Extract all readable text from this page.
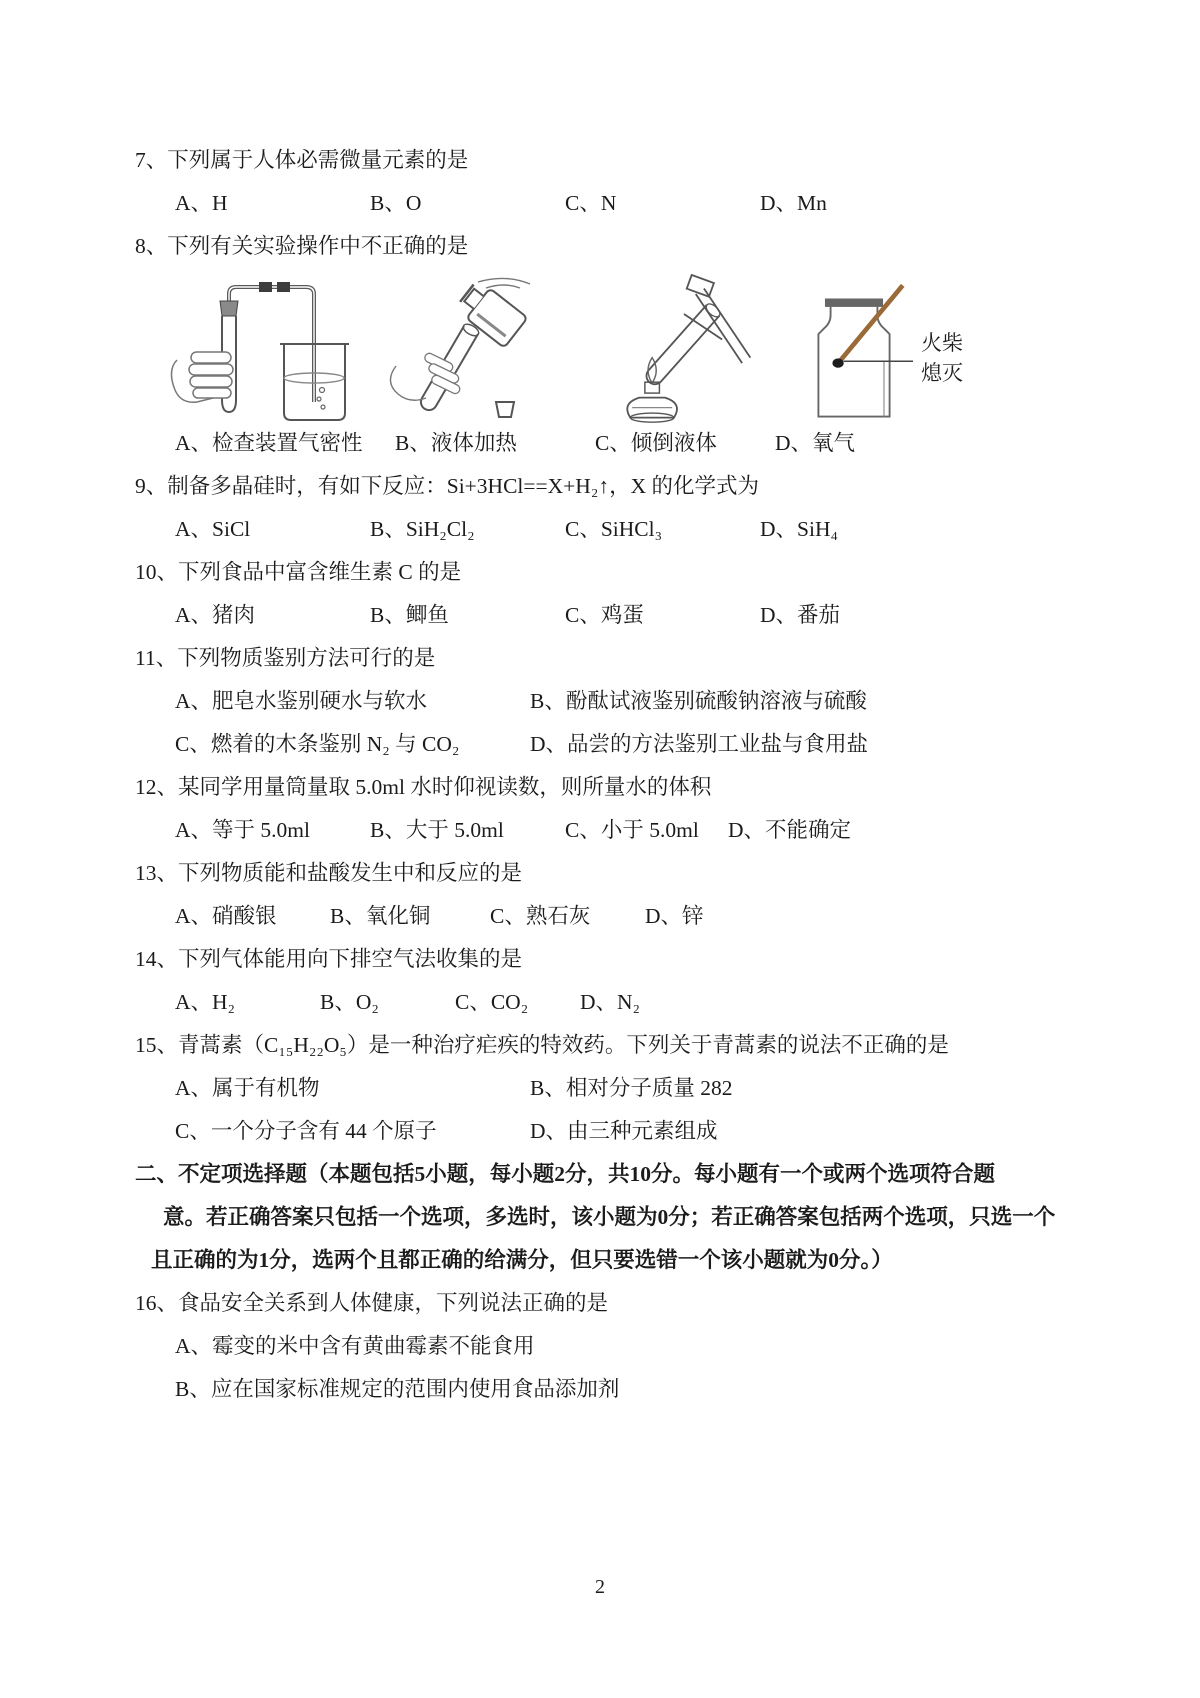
7、下列属于人体必需微量元素的是
A、H	B、O	C、N	D、Mn
8、下列有关实验操作中不正确的是
火柴熄灭
A、检查装置气密性	B、液体加热	C、倾倒液体	D、氧气
9、制备多晶硅时，有如下反应：Si+3HCl==X+H₂↑，X 的化学式为
A、SiCl	B、SiH₂Cl₂	C、SiHCl₃	D、SiH₄
10、下列食品中富含维生素 C 的是
A、猪肉	B、鲫鱼	C、鸡蛋	D、番茄
11、下列物质鉴别方法可行的是
A、肥皂水鉴别硬水与软水	B、酚酞试液鉴别硫酸钠溶液与硫酸
C、燃着的木条鉴别 N₂ 与 CO₂	D、品尝的方法鉴别工业盐与食用盐
12、某同学用量筒量取 5.0ml 水时仰视读数，则所量水的体积
A、等于 5.0ml	B、大于 5.0ml	C、小于 5.0ml	D、不能确定
13、下列物质能和盐酸发生中和反应的是
A、硝酸银	B、氧化铜	C、熟石灰	D、锌
14、下列气体能用向下排空气法收集的是
A、H₂	B、O₂	C、CO₂	D、N₂
15、青蒿素（C₁₅H₂₂O₅）是一种治疗疟疾的特效药。下列关于青蒿素的说法不正确的是
A、属于有机物	B、相对分子质量 282
C、一个分子含有 44 个原子	D、由三种元素组成
二、不定项选择题（本题包括5小题，每小题2分，共10分。每小题有一个或两个选项符合题
意。若正确答案只包括一个选项，多选时，该小题为0分；若正确答案包括两个选项，只选一个
且正确的为1分，选两个且都正确的给满分，但只要选错一个该小题就为0分。）
16、食品安全关系到人体健康，下列说法正确的是
A、霉变的米中含有黄曲霉素不能食用
B、应在国家标准规定的范围内使用食品添加剂
2
